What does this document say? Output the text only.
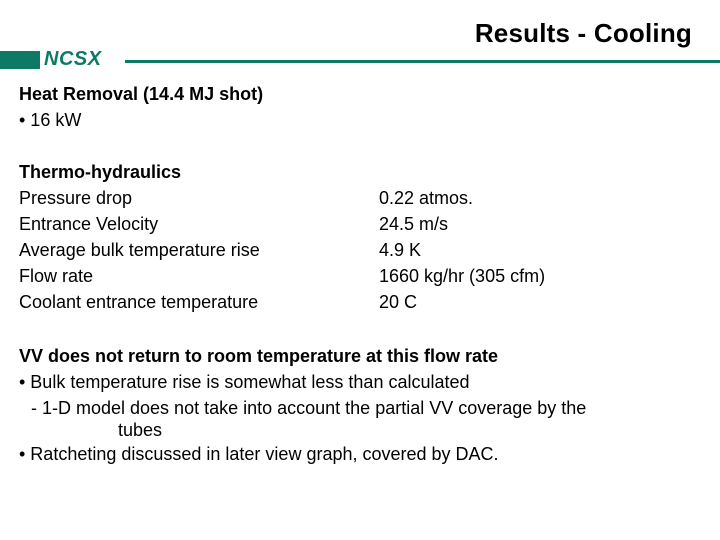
Results - Cooling
NCSX
Heat Removal (14.4 MJ shot)
• 16 kW
Thermo-hydraulics
Pressure drop
Entrance Velocity
Average bulk temperature rise
Flow rate
Coolant entrance temperature
0.22 atmos.
24.5 m/s
4.9 K
1660 kg/hr (305 cfm)
20 C
VV does not return to room temperature at this flow rate
• Bulk temperature rise is somewhat less than calculated
- 1-D model does not take into account the partial VV coverage by the
tubes
• Ratcheting discussed in later view graph, covered by DAC.
